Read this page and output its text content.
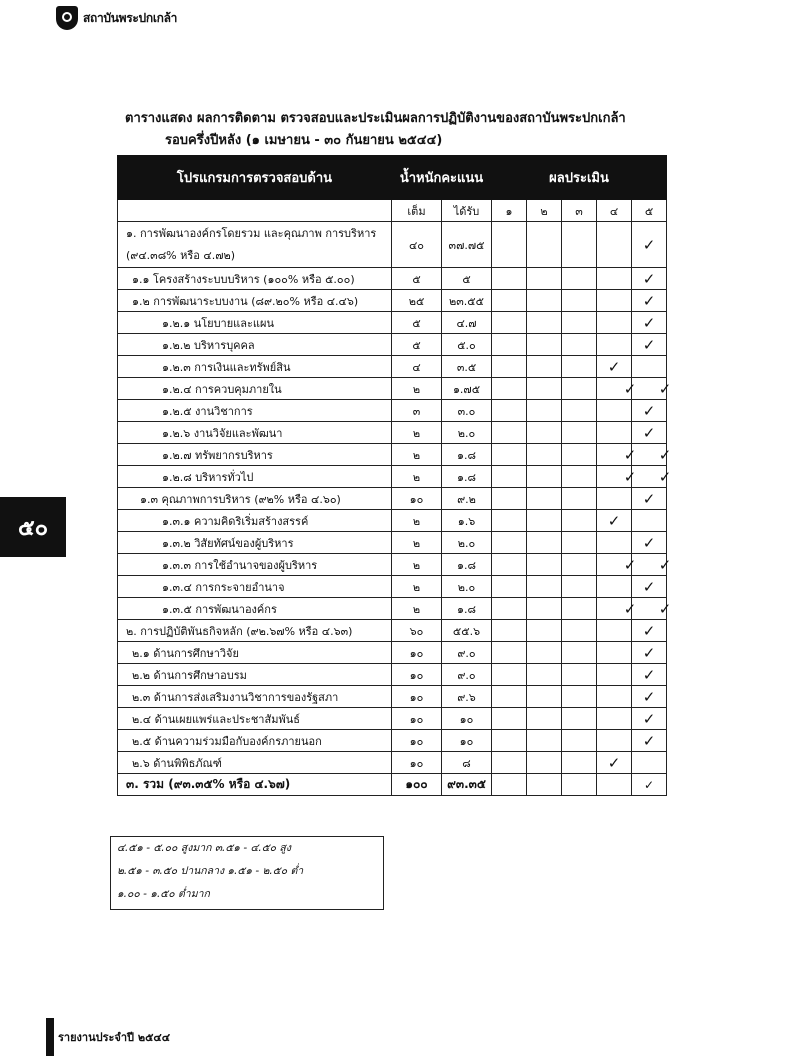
สถาบันพระปกเกล้า
ตารางแสดง ผลการติดตาม ตรวจสอบและประเมินผลการปฏิบัติงานของสถาบันพระปกเกล้า
รอบครึ่งปีหลัง (๑ เมษายน - ๓๐ กันยายน ๒๕๔๔)
โปรแกรมการตรวจสอบด้าน	น้ำหนักคะแนน		ผลประเมิน				
	เต็ม	ได้รับ	๑	๒	๓	๔	๕
๑. การพัฒนาองค์กรโดยรวม และคุณภาพ การบริหาร (๙๔.๓๘% หรือ ๔.๗๒)	๔๐	๓๗.๗๕					✓
๑.๑ โครงสร้างระบบบริหาร (๑๐๐% หรือ ๕.๐๐)	๕	๕					✓
๑.๒ การพัฒนาระบบงาน (๘๙.๒๐% หรือ ๔.๔๖)	๒๕	๒๓.๕๕					✓
๑.๒.๑ นโยบายและแผน	๕	๔.๗					✓
๑.๒.๒ บริหารบุคคล	๕	๕.๐					✓
๑.๒.๓ การเงินและทรัพย์สิน	๔	๓.๕				✓	
๑.๒.๔ การควบคุมภายใน	๒	๑.๗๕				✓	✓
๑.๒.๕ งานวิชาการ	๓	๓.๐					✓
๑.๒.๖ งานวิจัยและพัฒนา	๒	๒.๐					✓
๑.๒.๗ ทรัพยากรบริหาร	๒	๑.๘				✓	✓
๑.๒.๘ บริหารทั่วไป	๒	๑.๘				✓	✓
๑.๓ คุณภาพการบริหาร (๙๒% หรือ ๔.๖๐)	๑๐	๙.๒					✓
๑.๓.๑ ความคิดริเริ่มสร้างสรรค์	๒	๑.๖				✓	
๑.๓.๒ วิสัยทัศน์ของผู้บริหาร	๒	๒.๐					✓
๑.๓.๓ การใช้อำนาจของผู้บริหาร	๒	๑.๘				✓	✓
๑.๓.๔ การกระจายอำนาจ	๒	๒.๐					✓
๑.๓.๕ การพัฒนาองค์กร	๒	๑.๘				✓	✓
๒. การปฏิบัติพันธกิจหลัก (๙๒.๖๗% หรือ ๔.๖๓)	๖๐	๕๕.๖					✓
๒.๑ ด้านการศึกษาวิจัย	๑๐	๙.๐					✓
๒.๒ ด้านการศึกษาอบรม	๑๐	๙.๐					✓
๒.๓ ด้านการส่งเสริมงานวิชาการของรัฐสภา	๑๐	๙.๖					✓
๒.๔ ด้านเผยแพร่และประชาสัมพันธ์	๑๐	๑๐					✓
๒.๕ ด้านความร่วมมือกับองค์กรภายนอก	๑๐	๑๐					✓
๒.๖ ด้านพิพิธภัณฑ์	๑๐	๘				✓	
๓. รวม (๙๓.๓๕% หรือ ๔.๖๗)	๑๐๐	๙๓.๓๕					✓
๔.๕๑ - ๕.๐๐ สูงมาก ๓.๕๑ - ๔.๕๐ สูง
๒.๕๑ - ๓.๕๐ ปานกลาง ๑.๕๑ - ๒.๕๐ ต่ำ
๑.๐๐ - ๑.๕๐ ต่ำมาก
๕๐
รายงานประจำปี ๒๕๔๔
